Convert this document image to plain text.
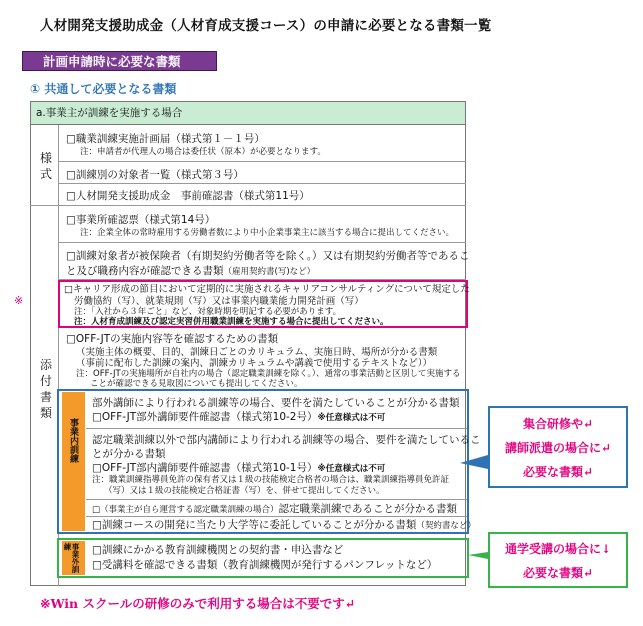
人材開発支援助成金（人材育成支援コース）の申請に必要となる書類一覧
計画申請時に必要な書類
① 共通して必要となる書類
a.事業主が訓練を実施する場合
様式
添付書類
※
□職業訓練実施計画届（様式第１－１号）
注：申請者が代理人の場合は委任状（原本）が必要となります。
□訓練別の対象者一覧（様式第３号）
□人材開発支援助成金　事前確認書（様式第11号）
□事業所確認票（様式第14号）
注：企業全体の常時雇用する労働者数により中小企業事業主に該当する場合に提出してください。
□訓練対象者が被保険者（有期契約労働者等を除く。）又は有期契約労働者等であるこ
と及び職務内容が確認できる書類（雇用契約書(写)など）
□キャリア形成の節目において定期的に実施されるキャリアコンサルティングについて規定した
労働協約（写）、就業規則（写）又は事業内職業能力開発計画（写）
注：「入社から３年ごと」など、対象時期を明記する必要があります。
注：人材育成訓練及び認定実習併用職業訓練を実施する場合に提出してください。
□OFF-JTの実施内容等を確認するための書類
（実施主体の概要、目的、訓練日ごとのカリキュラム、実施日時、場所が分かる書類
（事前に配布した訓練の案内、訓練カリキュラムや講義で使用するテキストなど））
注：OFF-JTの実施場所が自社内の場合（認定職業訓練を除く。）、通常の事業活動と区別して実施する
ことが確認できる見取図についても提出してください。
事業内訓練
部外講師により行われる訓練等の場合、要件を満たしていることが分かる書類
□OFF-JT部外講師要件確認書（様式第10-2号）※任意様式は不可
認定職業訓練以外で部内講師により行われる訓練等の場合、要件を満たしているこ
とが分かる書類
□OFF-JT部内講師要件確認書（様式第10-1号）※任意様式は不可
注：職業訓練指導員免許の保有者又は１級の技能検定合格者の場合は、職業訓練指導員免許証
（写）又は１級の技能検定合格証書（写）を、併せて提出してください。
□（事業主が自ら運営する認定職業訓練の場合）認定職業訓練であることが分かる書類
□訓練コースの開発に当たり大学等に委託していることが分かる書類（契約書など）
事業外訓練	□訓練にかかる教育訓練機関との契約書・申込書など
□受講料を確認できる書類（教育訓練機関が発行するパンフレットなど）
集合研修や↵
講師派遣の場合に↵
必要な書類↵
通学受講の場合に↓
必要な書類↵
※Win スクールの研修のみで利用する場合は不要です↵
